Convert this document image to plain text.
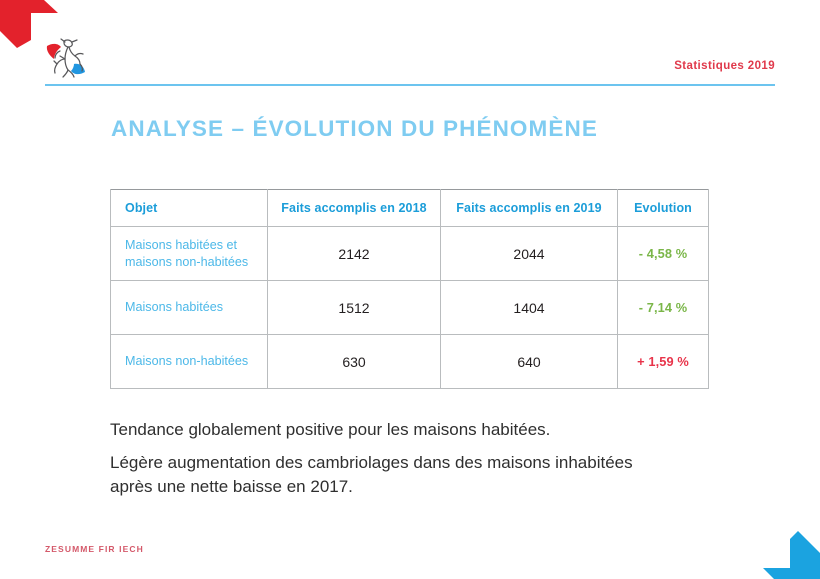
Statistiques 2019
ANALYSE – ÉVOLUTION DU PHÉNOMÈNE
Objet	Faits accomplis en 2018	Faits accomplis en 2019	Evolution
Maisons habitées et
maisons non-habitées	2142	2044	- 4,58 %
Maisons habitées	1512	1404	- 7,14 %
Maisons non-habitées	630	640	+ 1,59 %

Tendance globalement positive pour les maisons habitées.

Légère augmentation des cambriolages dans des maisons inhabitées
après une nette baisse en 2017.

ZESUMME FIR IECH
